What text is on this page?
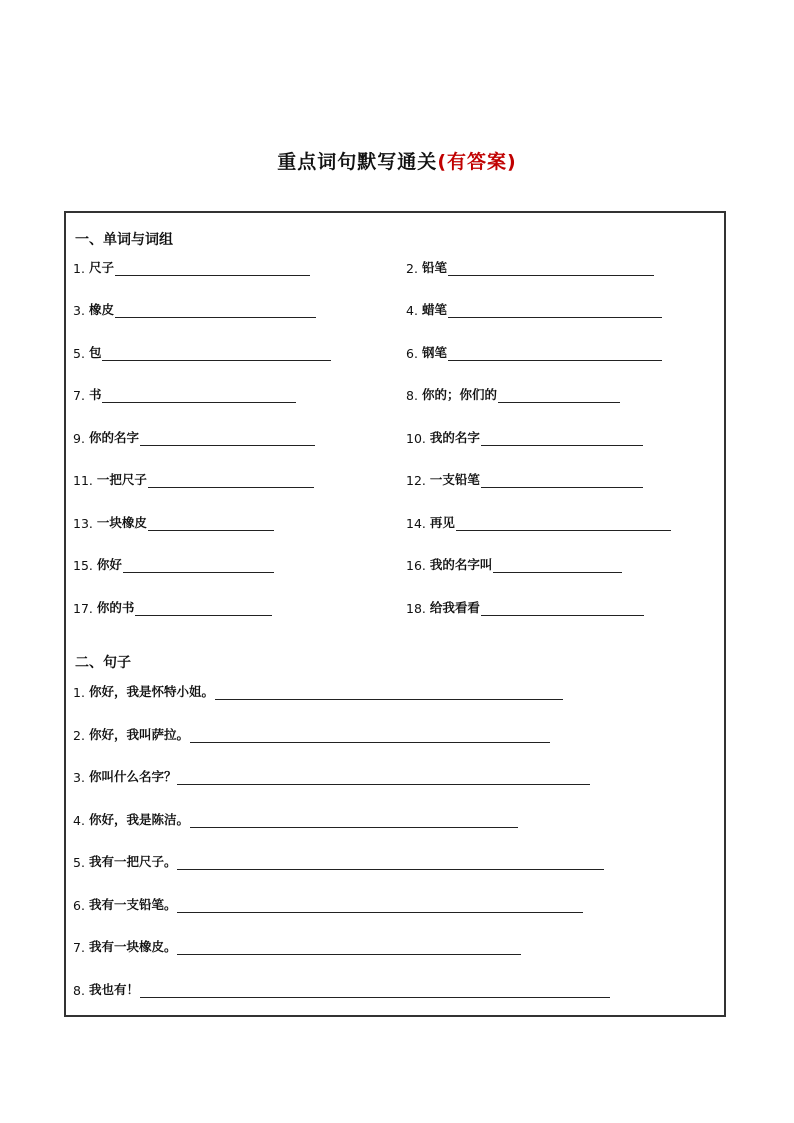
重点词句默写通关(有答案)
一、单词与词组
1. 尺子	2. 铅笔
3. 橡皮	4. 蜡笔
5. 包	6. 钢笔
7. 书	8. 你的；你们的
9. 你的名字	10. 我的名字
11. 一把尺子	12. 一支铅笔
13. 一块橡皮	14. 再见
15. 你好	16. 我的名字叫
17. 你的书	18. 给我看看
二、句子
1. 你好，我是怀特小姐。
2. 你好，我叫萨拉。
3. 你叫什么名字？
4. 你好，我是陈洁。
5. 我有一把尺子。
6. 我有一支铅笔。
7. 我有一块橡皮。
8. 我也有！
